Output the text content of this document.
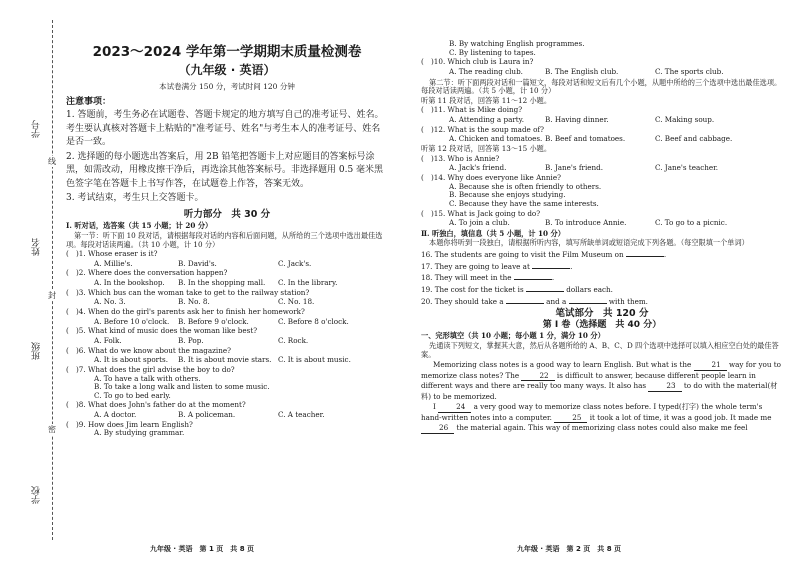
学号
姓名
班级
学校
线
封
密
2023～2024 学年第一学期期末质量检测卷
（九年级 · 英语）
本试卷满分 150 分，考试时间 120 分钟
注意事项：
1. 答题前，考生务必在试题卷、答题卡规定的地方填写自己的准考证号、姓名。考生要认真核对答题卡上粘贴的"准考证号、姓名"与考生本人的准考证号、姓名是否一致。
2. 选择题的每小题选出答案后，用 2B 铅笔把答题卡上对应题目的答案标号涂黑，如需改动，用橡皮擦干净后，再选涂其他答案标号。非选择题用 0.5 毫米黑色签字笔在答题卡上书写作答，在试题卷上作答，答案无效。
3. 考试结束，考生只上交答题卡。
听力部分　共 30 分
Ⅰ. 听对话，选答案（共 15 小题；计 20 分）
第一节：听下面 10 段对话，请根据每段对话的内容和后面问题，从所给的三个选项中选出最佳选项。每段对话读两遍。（共 10 小题，计 10 分）
(　)1. Whose eraser is it?
A. Millie's.	B. David's.	C. Jack's.
(　)2. Where does the conversation happen?
A. In the bookshop.	B. In the shopping mall.	C. In the library.
(　)3. Which bus can the woman take to get to the railway station?
A. No. 3.	B. No. 8.	C. No. 18.
(　)4. When do the girl's parents ask her to finish her homework?
A. Before 10 o'clock.	B. Before 9 o'clock.	C. Before 8 o'clock.
(　)5. What kind of music does the woman like best?
A. Folk.	B. Pop.	C. Rock.
(　)6. What do we know about the magazine?
A. It is about sports.	B. It is about movie stars. C. It is about music.
(　)7. What does the girl advise the boy to do?
A. To have a talk with others.
B. To take a long walk and listen to some music.
C. To go to bed early.
(　)8. What does John's father do at the moment?
A. A doctor.	B. A policeman.	C. A teacher.
(　)9. How does Jim learn English?
A. By studying grammar.
九年级 · 英语　第 1 页　共 8 页
B. By watching English programmes.
C. By listening to tapes.
(　)10. Which club is Laura in?
A. The reading club.	B. The English club.	C. The sports club.
第二节：听下面两段对话和一篇短文，每段对话和短文后有几个小题，从题中所给的三个选项中选出最佳选项。每段对话读两遍。（共 5 小题，计 10 分）
听第 11 段对话，回答第 11～12 小题。
(　)11. What is Mike doing?
A. Attending a party.	B. Having dinner.	C. Making soup.
(　)12. What is the soup made of?
A. Chicken and tomatoes. B. Beef and tomatoes.	C. Beef and cabbage.
听第 12 段对话，回答第 13～15 小题。
(　)13. Who is Annie?
A. Jack's friend.	B. Jane's friend.	C. Jane's teacher.
(　)14. Why does everyone like Annie?
A. Because she is often friendly to others.
B. Because she enjoys studying.
C. Because they have the same interests.
(　)15. What is Jack going to do?
A. To join a club.	B. To introduce Annie.	C. To go to a picnic.
Ⅱ. 听独白，填信息（共 5 小题，计 10 分）
本题你将听到一段独白，请根据所听内容，填写所缺单词或短语完成下列各题。（每空限填一个单词）
16. The students are going to visit the Film Museum on	.
17. They are going to leave at	.
18. They will meet in the	.
19. The cost for the ticket is	dollars each.
20. They should take a	and a	with them.
笔试部分　共 120 分
第 Ⅰ 卷（选择题　共 40 分）
一、完形填空（共 10 小题；每小题 1 分，满分 10 分）
先通读下列短文，掌握其大意，然后从各题所给的 A、B、C、D 四个选项中选择可以填入相应空白处的最佳答案。
Memorizing class notes is a good way to learn English. But what is the	21 way for you to memorize class notes? The	22 is difficult to answer, because different people learn in different ways and there are really too many ways. It also has	23 to do with the material(材料) to be memorized.
I	24 a very good way to memorize class notes before. I typed(打字) the whole term's hand-written notes into a computer.	25 it took a lot of time, it was a good job. It made me 26 the material again. This way of memorizing class notes could also make me feel
九年级 · 英语　第 2 页　共 8 页
